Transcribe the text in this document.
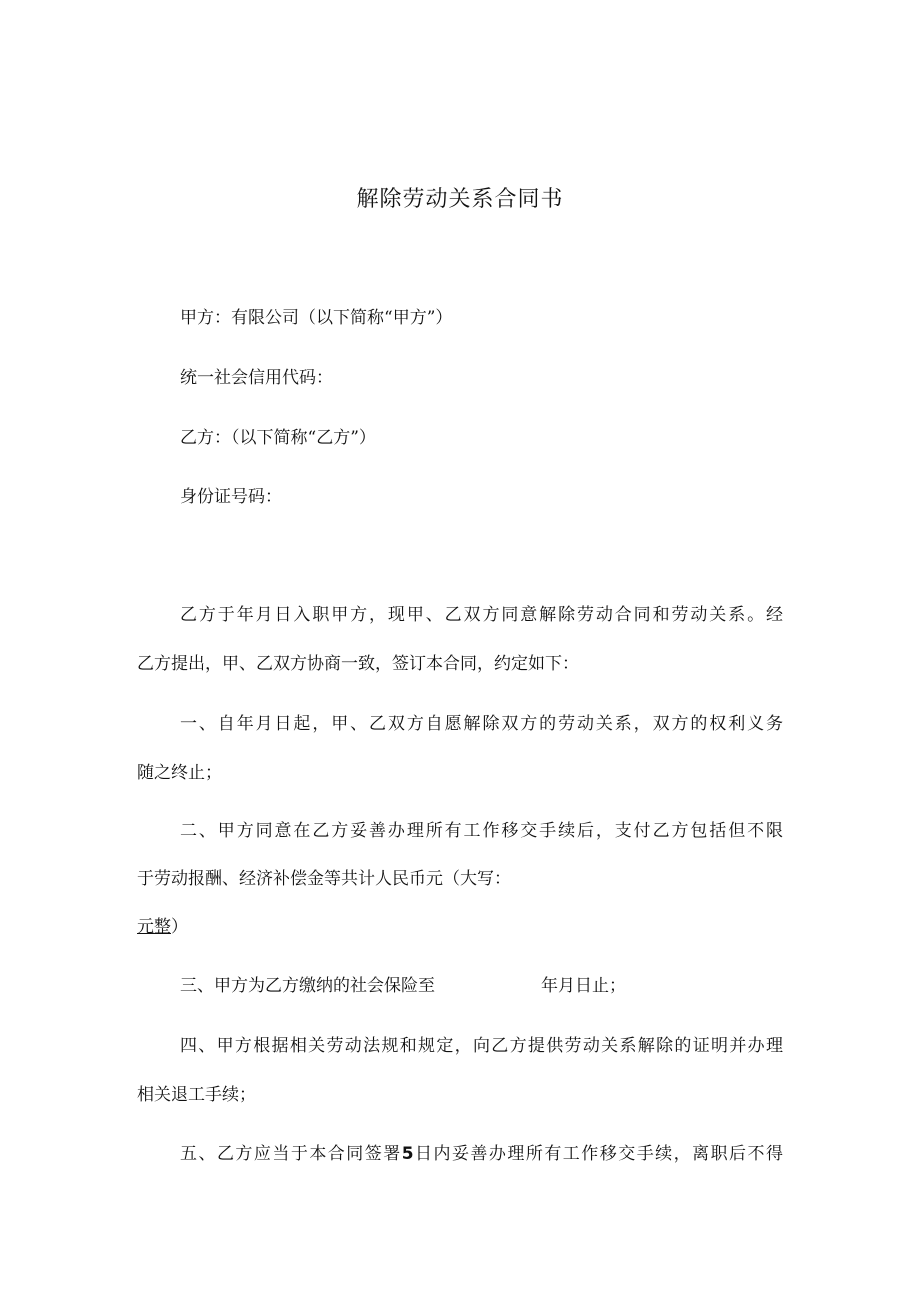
解除劳动关系合同书
甲方：有限公司（以下简称“甲方”）
统一社会信用代码：
乙方：（以下简称“乙方”）
身份证号码：
乙方于年月日入职甲方，现甲、乙双方同意解除劳动合同和劳动关系。经
乙方提出，甲、乙双方协商一致，签订本合同，约定如下：
一、自年月日起，甲、乙双方自愿解除双方的劳动关系，双方的权利义务
随之终止；
二、甲方同意在乙方妥善办理所有工作移交手续后，支付乙方包括但不限
于劳动报酬、经济补偿金等共计人民币元（大写：
元整）
三、甲方为乙方缴纳的社会保险至	年月日止；
四、甲方根据相关劳动法规和规定，向乙方提供劳动关系解除的证明并办理
相关退工手续；
五、乙方应当于本合同签署5日内妥善办理所有工作移交手续，离职后不得
